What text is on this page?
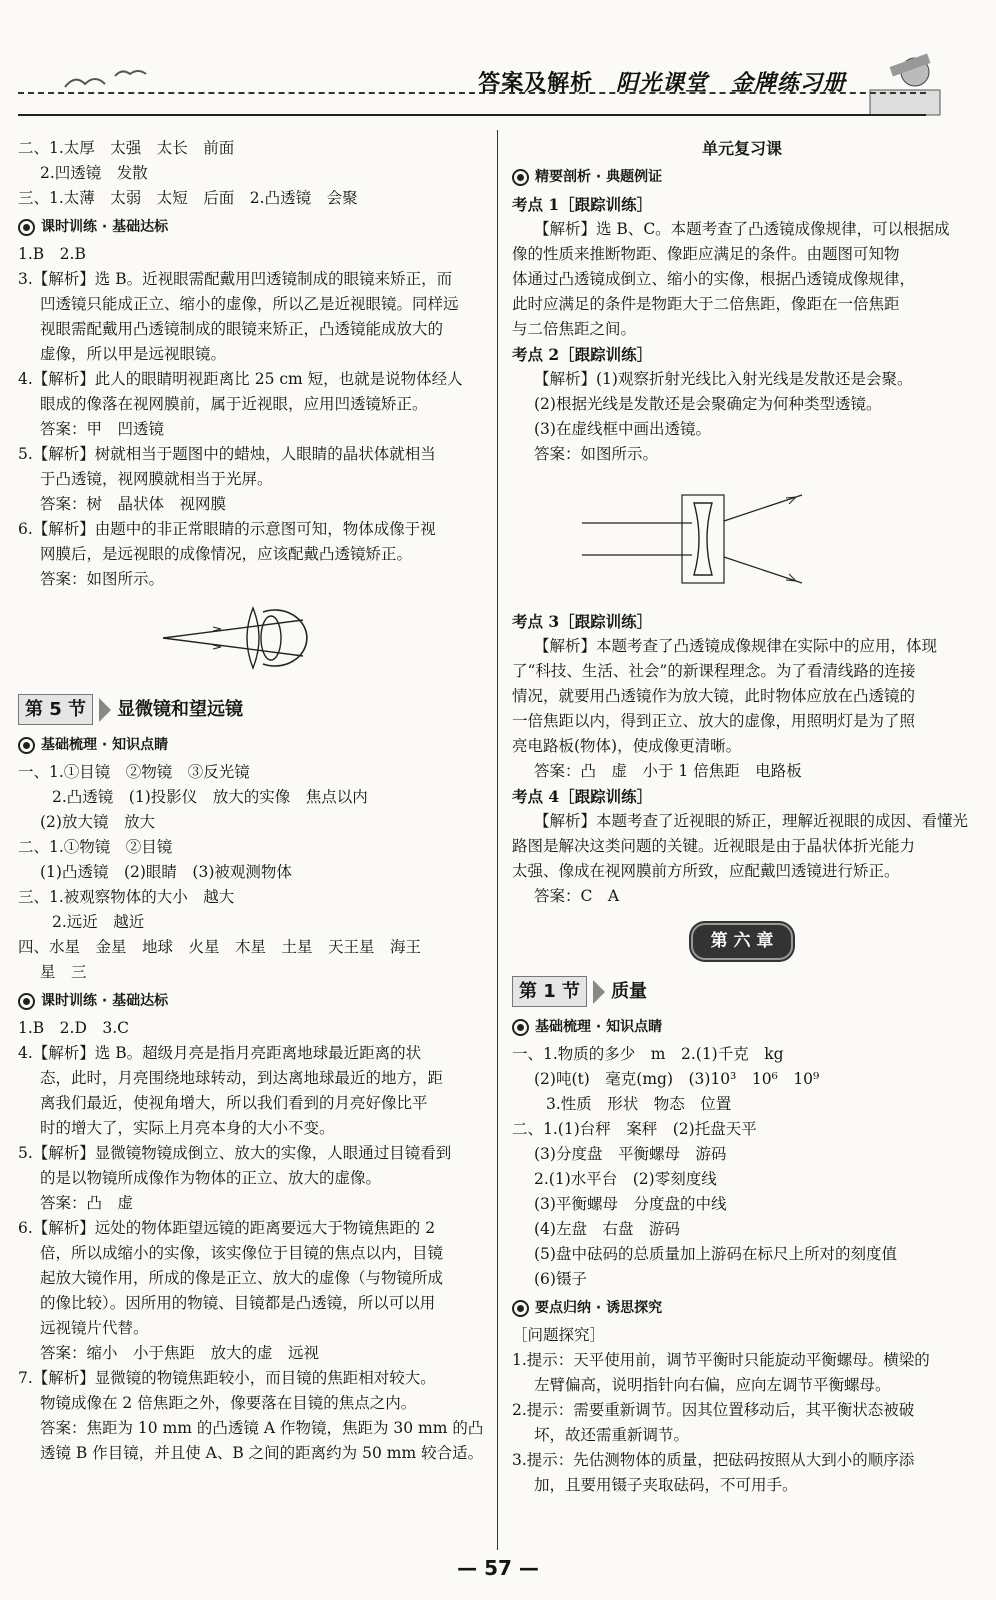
答案及解析 阳光课堂　金牌练习册
二、1.太厚　太强　太长　前面
2.凹透镜　发散
三、1.太薄　太弱　太短　后面　2.凸透镜　会聚
课时训练 · 基础达标
1.B　2.B
3.【解析】选 B。近视眼需配戴用凹透镜制成的眼镜来矫正，而
凹透镜只能成正立、缩小的虚像，所以乙是近视眼镜。同样远
视眼需配戴用凸透镜制成的眼镜来矫正，凸透镜能成放大的
虚像，所以甲是远视眼镜。
4.【解析】此人的眼睛明视距离比 25 cm 短，也就是说物体经人
眼成的像落在视网膜前，属于近视眼，应用凹透镜矫正。
答案：甲　凹透镜
5.【解析】树就相当于题图中的蜡烛，人眼睛的晶状体就相当
于凸透镜，视网膜就相当于光屏。
答案：树　晶状体　视网膜
6.【解析】由题中的非正常眼睛的示意图可知，物体成像于视
网膜后，是远视眼的成像情况，应该配戴凸透镜矫正。
答案：如图所示。
第 5 节	显微镜和望远镜
基础梳理 · 知识点睛
一、1.①目镜　②物镜　③反光镜
2.凸透镜　(1)投影仪　放大的实像　焦点以内
(2)放大镜　放大
二、1.①物镜　②目镜
(1)凸透镜　(2)眼睛　(3)被观测物体
三、1.被观察物体的大小　越大
2.远近　越近
四、水星　金星　地球　火星　木星　土星　天王星　海王
星　三
课时训练 · 基础达标
1.B　2.D　3.C
4.【解析】选 B。超级月亮是指月亮距离地球最近距离的状
态，此时，月亮围绕地球转动，到达离地球最近的地方，距
离我们最近，使视角增大，所以我们看到的月亮好像比平
时的增大了，实际上月亮本身的大小不变。
5.【解析】显微镜物镜成倒立、放大的实像，人眼通过目镜看到
的是以物镜所成像作为物体的正立、放大的虚像。
答案：凸　虚
6.【解析】远处的物体距望远镜的距离要远大于物镜焦距的 2
倍，所以成缩小的实像，该实像位于目镜的焦点以内，目镜
起放大镜作用，所成的像是正立、放大的虚像（与物镜所成
的像比较）。因所用的物镜、目镜都是凸透镜，所以可以用
远视镜片代替。
答案：缩小　小于焦距　放大的虚　远视
7.【解析】显微镜的物镜焦距较小，而目镜的焦距相对较大。
物镜成像在 2 倍焦距之外，像要落在目镜的焦点之内。
答案：焦距为 10 mm 的凸透镜 A 作物镜，焦距为 30 mm 的凸
透镜 B 作目镜，并且使 A、B 之间的距离约为 50 mm 较合适。
单元复习课
精要剖析 · 典题例证
考点 1［跟踪训练］
【解析】选 B、C。本题考查了凸透镜成像规律，可以根据成
像的性质来推断物距、像距应满足的条件。由题图可知物
体通过凸透镜成倒立、缩小的实像，根据凸透镜成像规律，
此时应满足的条件是物距大于二倍焦距，像距在一倍焦距
与二倍焦距之间。
考点 2［跟踪训练］
【解析】(1)观察折射光线比入射光线是发散还是会聚。
(2)根据光线是发散还是会聚确定为何种类型透镜。
(3)在虚线框中画出透镜。
答案：如图所示。
考点 3［跟踪训练］
【解析】本题考查了凸透镜成像规律在实际中的应用，体现
了“科技、生活、社会”的新课程理念。为了看清线路的连接
情况，就要用凸透镜作为放大镜，此时物体应放在凸透镜的
一倍焦距以内，得到正立、放大的虚像，用照明灯是为了照
亮电路板(物体)，使成像更清晰。
答案：凸　虚　小于 1 倍焦距　电路板
考点 4［跟踪训练］
【解析】本题考查了近视眼的矫正，理解近视眼的成因、看懂光
路图是解决这类问题的关键。近视眼是由于晶状体折光能力
太强、像成在视网膜前方所致，应配戴凹透镜进行矫正。
答案：C　A
第 六 章
第 1 节	质量
基础梳理 · 知识点睛
一、1.物质的多少　m　2.(1)千克　kg
(2)吨(t)　毫克(mg)　(3)10³　10⁶　10⁹
3.性质　形状　物态　位置
二、1.(1)台秤　案秤　(2)托盘天平
(3)分度盘　平衡螺母　游码
2.(1)水平台　(2)零刻度线
(3)平衡螺母　分度盘的中线
(4)左盘　右盘　游码
(5)盘中砝码的总质量加上游码在标尺上所对的刻度值
(6)镊子
要点归纳 · 诱思探究
［问题探究］
1.提示：天平使用前，调节平衡时只能旋动平衡螺母。横梁的
左臂偏高，说明指针向右偏，应向左调节平衡螺母。
2.提示：需要重新调节。因其位置移动后，其平衡状态被破
坏，故还需重新调节。
3.提示：先估测物体的质量，把砝码按照从大到小的顺序添
加，且要用镊子夹取砝码，不可用手。
— 57 —
